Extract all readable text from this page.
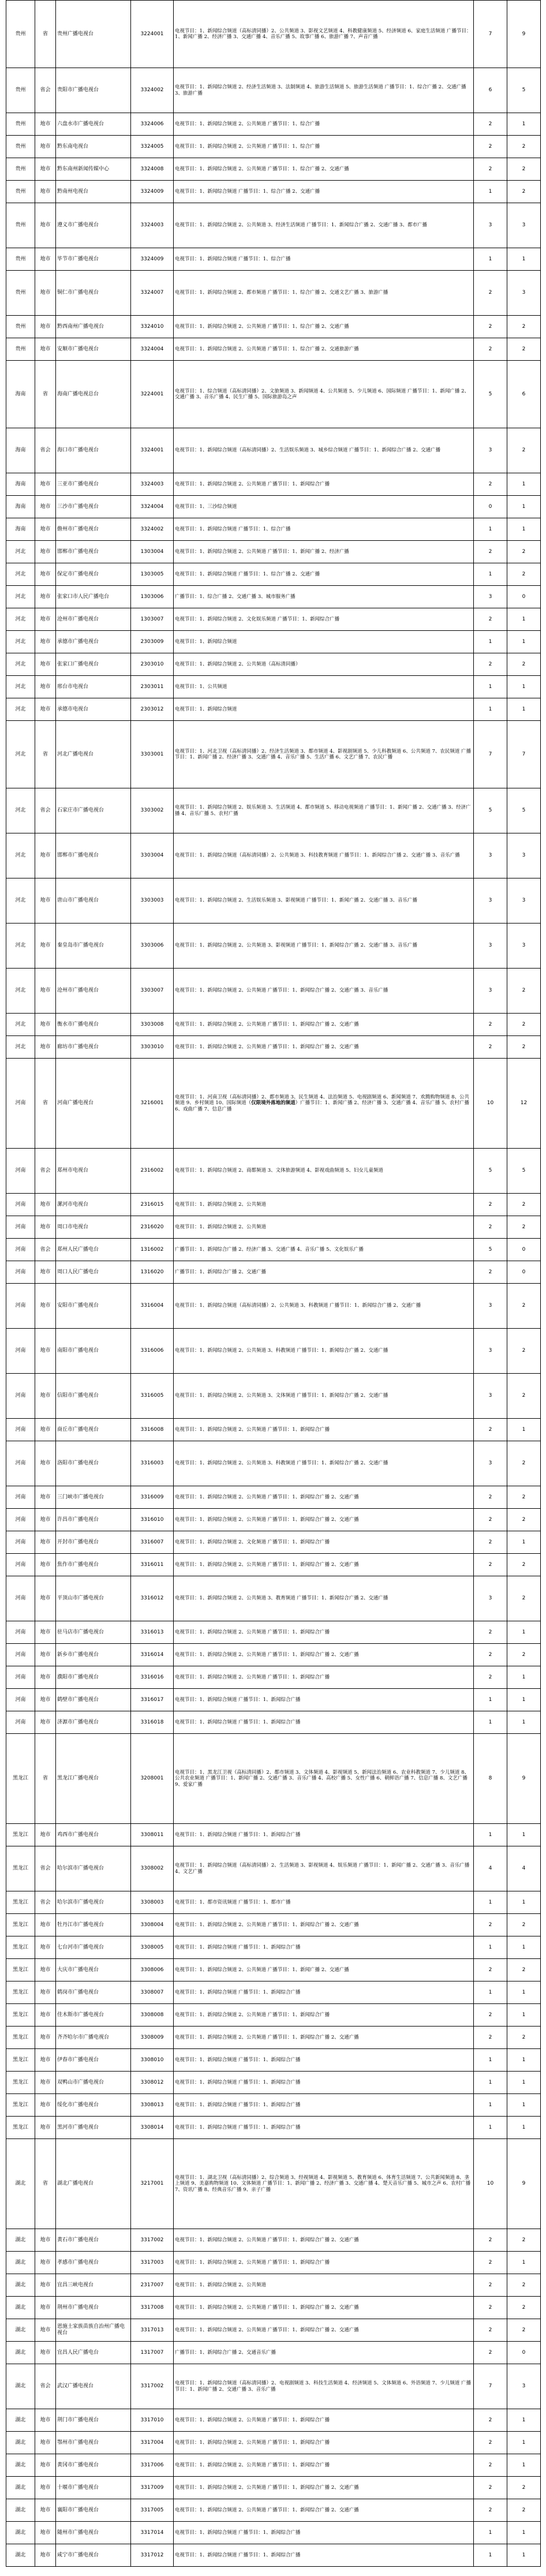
贵州	省	贵州广播电视台	3224001	电视节目：1、新闻综合频道（高标清同播）2、公共频道 3、影视文艺频道 4、科教健康频道 5、经济频道 6、家庭生活频道 广播节目：1、新闻广播 2、经济广播 3、交通广播 4、音乐广播 5、故事广播 6、旅游广播 7、声音广播	7	9
贵州	省会	贵阳市广播电视台	3324002	电视节目：1、新闻综合频道 2、经济生活频道 3、法制频道 4、旅游生活频道 5、旅游生活频道 广播节目：1、综合广播 2、交通广播 3、旅游广播	6	5
贵州	地市	六盘水市广播电视台	3324006	电视节目：1、新闻综合频道 2、公共频道 广播节目：1、综合广播	2	1
贵州	地市	黔东南电视台	3324005	电视节目：1、新闻综合频道 2、公共频道 广播节目：1、综合广播	2	2
贵州	地市	黔东南州新闻传媒中心	3324008	电视节目：1、新闻综合频道 2、公共频道 广播节目：1、综合广播 2、交通广播	2	2
贵州	地市	黔南州电视台	3324009	电视节目：1、新闻综合频道 广播节目：1、综合广播 2、交通广播	1	2
贵州	地市	遵义市广播电视台	3324003	电视节目：1、新闻综合频道 2、公共频道 3、经济生活频道 广播节目：1、新闻综合广播 2、交通广播 3、都市广播	3	3
贵州	地市	毕节市广播电视台	3324009	电视节目：1、新闻综合频道 广播节目：1、综合广播	1	1
贵州	地市	铜仁市广播电视台	3324007	电视节目：1、新闻综合频道 2、都市频道 广播节目：1、综合广播 2、交通文艺广播 3、旅游广播	2	3
贵州	地市	黔西南州广播电视台	3324010	电视节目：1、新闻综合频道 2、公共频道 广播节目：1、综合广播 2、交通广播	2	2
贵州	地市	安顺市广播电视台	3324004	电视节目：1、新闻综合频道 2、公共频道 广播节目：1、综合广播 2、交通旅游广播	2	2
海南	省	海南广播电视总台	3224001	电视节目：1、综合频道（高标清同播）2、文旅频道 3、新闻频道 4、公共频道 5、少儿频道 6、国际频道 广播节目：1、新闻广播 2、交通广播 3、音乐广播 4、民生广播 5、国际旅游岛之声	5	6
海南	省会	海口市广播电视台	3324001	电视节目：1、新闻综合频道（高标清同播）2、生活娱乐频道 3、城乡综合频道 广播节目：1、新闻综合广播 2、交通广播	3	2
海南	地市	三亚市广播电视台	3324003	电视节目：1、新闻综合频道 2、公共频道 广播节目：1、新闻综合广播	2	1
海南	地市	三沙市广播电视台	3324004	电视节目：1、三沙综合频道	0	1
海南	地市	儋州市广播电视台	3324002	电视节目：1、新闻综合频道 广播节目：1、综合广播	1	1
河北	地市	邯郸市广播电视台	1303004	电视节目：1、新闻综合频道 2、公共频道 广播节目：1、新闻广播 2、经济广播	2	2
河北	地市	保定市广播电视台	1303005	电视节目：1、新闻综合频道 广播节目：1、综合广播 2、交通广播	1	2
河北	地市	张家口市人民广播电台	1303006	广播节目：1、综合广播 2、交通广播 3、城市服务广播	3	0
河北	地市	沧州市广播电视台	1303007	电视节目：1、新闻综合频道 2、文化娱乐频道 广播节目：1、新闻综合广播	2	1
河北	地市	承德市广播电视台	2303009	电视节目：1、新闻综合频道	1	1
河北	地市	张家口广播电视台	2303010	电视节目：1、新闻综合频道 2、公共频道（高标清同播）	2	2
河北	地市	邢台市电视台	2303011	电视节目：1、公共频道	1	1
河北	地市	承德市电视台	2303012	电视节目：1、新闻综合频道	1	1
河北	省	河北广播电视台	3303001	电视节目：1、河北卫视（高标清同播）2、经济生活频道 3、都市频道 4、影视剧频道 5、少儿科教频道 6、公共频道 7、农民频道 广播节目：1、新闻广播 2、经济广播 3、交通广播 4、音乐广播 5、生活广播 6、文艺广播 7、农民广播	7	7
河北	省会	石家庄市广播电视台	3303002	电视节目：1、新闻综合频道 2、娱乐频道 3、生活频道 4、都市频道 5、移动电视频道 广播节目：1、新闻广播 2、交通广播 3、经济广播 4、音乐广播 5、农村广播	5	5
河北	地市	邯郸市广播电视台	3303004	电视节目：1、新闻综合频道（高标清同播）2、公共频道 3、科技教育频道 广播节目：1、新闻综合广播 2、交通广播 3、音乐广播	3	3
河北	地市	唐山市广播电视台	3303003	电视节目：1、新闻综合频道 2、生活娱乐频道 3、影视频道 广播节目：1、新闻广播 2、交通广播 3、音乐广播	3	3
河北	地市	秦皇岛市广播电视台	3303006	电视节目：1、新闻综合频道 2、公共频道 3、影视频道 广播节目：1、新闻综合广播 2、交通广播 3、音乐广播	3	3
河北	地市	沧州市广播电视台	3303007	电视节目：1、新闻综合频道 2、公共频道 广播节目：1、新闻综合广播 2、交通广播 3、音乐广播	3	2
河北	地市	衡水市广播电视台	3303008	电视节目：1、新闻综合频道 2、公共频道 广播节目：1、新闻综合广播 2、交通广播	2	2
河北	地市	廊坊市广播电视台	3303010	电视节目：1、新闻综合频道 2、公共频道 广播节目：1、新闻综合广播 2、交通广播	2	2
河南	省	河南广播电视台	3216001	电视节目：1、河南卫视（高标清同播）2、都市频道 3、民生频道 4、法治频道 5、电视剧频道 6、新闻频道 7、欢腾购物频道 8、公共频道 9、乡村频道 10、国际频道（仅限境外落地的频道）广播节目：1、新闻广播 2、经济广播 3、交通广播 4、音乐广播 5、农村广播 6、戏曲广播 7、信息广播	10	12
河南	省会	郑州市电视台	2316002	电视节目：1、新闻综合频道 2、商都频道 3、文体旅游频道 4、影视戏曲频道 5、妇女儿童频道	5	5
河南	地市	漯河市电视台	2316015	电视节目：1、新闻综合频道 2、公共频道	2	2
河南	地市	周口市电视台	2316020	电视节目：1、新闻综合频道 2、公共频道	2	2
河南	省会	郑州人民广播电台	1316002	广播节目：1、新闻综合广播 2、经济广播 3、交通广播 4、音乐广播 5、文化娱乐广播	5	0
河南	地市	周口人民广播电台	1316020	广播节目：1、新闻综合广播 2、交通广播	2	0
河南	地市	安阳市广播电视台	3316004	电视节目：1、新闻综合频道（高标清同播）2、公共频道 3、科教频道 广播节目：1、新闻综合广播 2、交通广播	3	2
河南	地市	南阳市广播电视台	3316006	电视节目：1、新闻综合频道 2、公共频道 3、科教频道 广播节目：1、新闻综合广播 2、交通广播	3	2
河南	地市	信阳市广播电视台	3316005	电视节目：1、新闻综合频道 2、公共频道 3、文体频道 广播节目：1、新闻综合广播 2、交通广播	3	2
河南	地市	商丘市广播电视台	3316008	电视节目：1、新闻综合频道 2、公共频道 广播节目：1、新闻综合广播	2	1
河南	地市	洛阳市广播电视台	3316003	电视节目：1、新闻综合频道 2、公共频道 3、科教频道 广播节目：1、新闻综合广播 2、交通广播	3	2
河南	地市	三门峡市广播电视台	3316009	电视节目：1、新闻综合频道 2、公共频道 广播节目：1、新闻综合广播 2、交通广播	2	2
河南	地市	许昌市广播电视台	3316010	电视节目：1、新闻综合频道 2、公共频道 广播节目：1、新闻综合广播 2、交通广播	2	2
河南	地市	开封市广播电视台	3316007	电视节目：1、新闻综合频道 2、文化频道 广播节目：1、新闻综合广播	2	1
河南	地市	焦作市广播电视台	3316011	电视节目：1、新闻综合频道 2、公共频道 广播节目：1、新闻综合广播 2、交通广播	2	2
河南	地市	平顶山市广播电视台	3316012	电视节目：1、新闻综合频道 2、公共频道 3、教育频道 广播节目：1、新闻综合广播 2、交通广播	3	2
河南	地市	驻马店市广播电视台	3316013	电视节目：1、新闻综合频道 2、公共频道 广播节目：1、新闻综合广播	2	1
河南	地市	新乡市广播电视台	3316014	电视节目：1、新闻综合频道 2、公共频道 广播节目：1、新闻综合广播 2、交通广播	2	2
河南	地市	濮阳市广播电视台	3316016	电视节目：1、新闻综合频道 2、公共频道 广播节目：1、新闻综合广播	2	1
河南	地市	鹤壁市广播电视台	3316017	电视节目：1、新闻综合频道 广播节目：1、新闻综合广播	1	1
河南	地市	济源市广播电视台	3316018	电视节目：1、新闻综合频道 广播节目：1、新闻综合广播	1	1
黑龙江	省	黑龙江广播电视台	3208001	电视节目：1、黑龙江卫视（高标清同播）2、都市频道 3、文体频道 4、影视频道 5、新闻法治频道 6、农业科教频道 7、少儿频道 8、公共农业频道 广播节目：1、新闻广播 2、交通广播 3、音乐广播 4、高校广播 5、女性广播 6、朝鲜语广播 7、信息广播 8、文艺广播 9、爱家广播	8	9
黑龙江	地市	鸡西市广播电视台	3308011	电视节目：1、新闻综合频道 广播节目：1、新闻综合广播	1	1
黑龙江	省会	哈尔滨市广播电视台	3308002	电视节目：1、新闻综合频道（高标清同播）2、生活频道 3、影视频道 4、娱乐频道 广播节目：1、新闻广播 2、交通广播 3、音乐广播 4、文艺广播	4	4
黑龙江	省会	哈尔滨市广播电视台	3308003	电视节目：1、都市资讯频道 广播节目：1、都市广播	1	1
黑龙江	地市	牡丹江市广播电视台	3308004	电视节目：1、新闻综合频道 2、公共频道 广播节目：1、新闻综合广播 2、交通广播	2	2
黑龙江	地市	七台河市广播电视台	3308005	电视节目：1、新闻综合频道 广播节目：1、新闻综合广播	1	1
黑龙江	地市	大庆市广播电视台	3308006	电视节目：1、新闻综合频道 2、公共频道 广播节目：1、新闻广播 2、交通广播	2	2
黑龙江	地市	鹤岗市广播电视台	3308007	电视节目：1、新闻综合频道 广播节目：1、新闻综合广播	1	1
黑龙江	地市	佳木斯市广播电视台	3308008	电视节目：1、新闻综合频道 2、公共频道 广播节目：1、新闻综合广播	2	1
黑龙江	地市	齐齐哈尔市广播电视台	3308009	电视节目：1、新闻综合频道 2、公共频道 广播节目：1、新闻综合广播 2、交通广播	2	2
黑龙江	地市	伊春市广播电视台	3308010	电视节目：1、新闻综合频道 广播节目：1、新闻综合广播	1	1
黑龙江	地市	双鸭山市广播电视台	3308012	电视节目：1、新闻综合频道 广播节目：1、新闻综合广播	1	1
黑龙江	地市	绥化市广播电视台	3308013	电视节目：1、新闻综合频道 广播节目：1、新闻综合广播	1	1
黑龙江	地市	黑河市广播电视台	3308014	电视节目：1、新闻综合频道 广播节目：1、新闻综合广播	1	1
湖北	省	湖北广播电视台	3217001	电视节目：1、湖北卫视（高标清同播）2、综合频道 3、经视频道 4、影视频道 5、教育频道 6、体育生活频道 7、公共新闻频道 8、垄上频道 9、美嘉购物频道 10、文体频道 广播节目：1、新闻广播 2、经济广播 3、交通广播 4、楚天音乐广播 5、城市之声 6、农村广播 7、资讯广播 8、经典音乐广播 9、亲子广播	10	9
湖北	地市	黄石市广播电视台	3317002	电视节目：1、新闻综合频道 2、公共频道 广播节目：1、新闻综合广播 2、交通广播	2	2
湖北	地市	孝感市广播电视台	3317003	电视节目：1、新闻综合频道 2、公共频道 广播节目：1、新闻综合广播	2	1
湖北	地市	宜昌三峡电视台	2317007	电视节目：1、新闻综合频道 2、公共频道	2	2
湖北	地市	荆州市广播电视台	3317008	电视节目：1、新闻综合频道 2、公共频道 广播节目：1、新闻综合广播 2、交通广播	2	2
湖北	地市	恩施土家族苗族自治州广播电视台	3317013	电视节目：1、新闻综合频道 2、公共频道 广播节目：1、新闻综合广播 2、交通广播	2	2
湖北	地市	宜昌人民广播电台	1317007	广播节目：1、新闻综合广播 2、交通音乐广播	2	0
湖北	省会	武汉广播电视台	3317002	电视节目：1、新闻综合频道（高标清同播）2、电视剧频道 3、科技生活频道 4、经济频道 5、文体频道 6、外语频道 7、少儿频道 广播节目：1、新闻广播 2、交通广播 3、音乐广播	7	3
湖北	地市	荆门市广播电视台	3317010	电视节目：1、新闻综合频道 2、公共频道 广播节目：1、新闻综合广播	2	1
湖北	地市	鄂州市广播电视台	3317004	电视节目：1、新闻综合频道 2、公共频道 广播节目：1、新闻综合广播	2	1
湖北	地市	黄冈市广播电视台	3317006	电视节目：1、新闻综合频道 2、公共频道 广播节目：1、新闻综合广播	2	1
湖北	地市	十堰市广播电视台	3317009	电视节目：1、新闻综合频道 2、公共频道 广播节目：1、新闻综合广播 2、交通广播	2	2
湖北	地市	襄阳市广播电视台	3317005	电视节目：1、新闻综合频道 2、公共频道 广播节目：1、新闻综合广播 2、交通广播	2	2
湖北	地市	随州市广播电视台	3317014	电视节目：1、新闻综合频道 广播节目：1、新闻综合广播	1	1
湖北	地市	咸宁市广播电视台	3317012	电视节目：1、新闻综合频道 广播节目：1、新闻综合广播	1	1
